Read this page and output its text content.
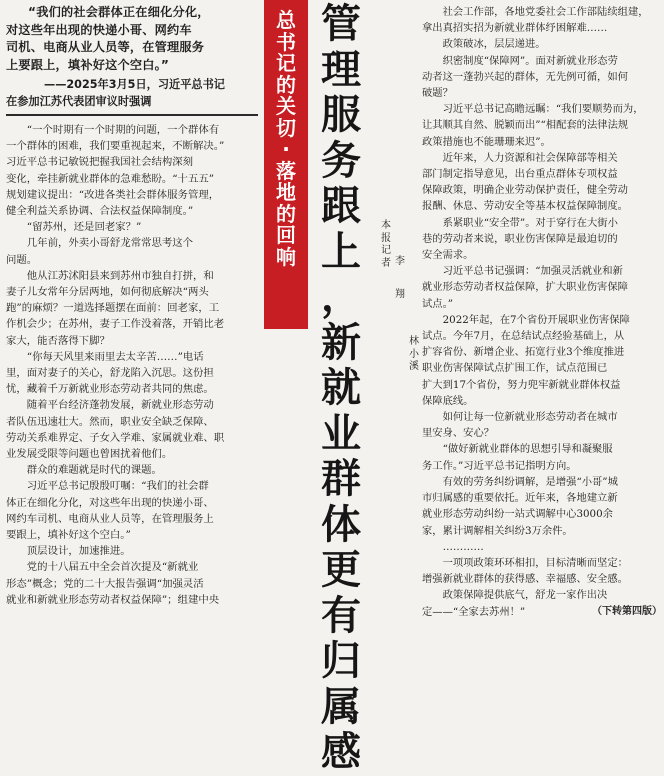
“我们的社会群体正在细化分化，
对这些年出现的快递小哥、网约车
司机、电商从业人员等，在管理服务
上要跟上，填补好这个空白。”
——2025年3月5日，习近平总书记
在参加江苏代表团审议时强调

“一个时期有一个时期的问题，一个群体有
一个群体的困难，我们要重视起来，不断解决。”
习近平总书记敏锐把握我国社会结构深刻
变化，牵挂新就业群体的急难愁盼。“十五五”
规划建议提出：“改进各类社会群体服务管理，
健全利益关系协调、合法权益保障制度。”

“留苏州，还是回老家？”

几年前，外卖小哥舒龙常常思考这个
问题。

他从江苏沭阳县来到苏州市独自打拼，和
妻子儿女常年分居两地，如何彻底解决“两头
跑”的麻烦？一道选择题摆在面前：回老家，工
作机会少；在苏州，妻子工作没着落，开销比老
家大，能否落得下脚？

“你每天风里来雨里去太辛苦……”电话
里，面对妻子的关心，舒龙陷入沉思。这份担
忧，藏着千万新就业形态劳动者共同的焦虑。

随着平台经济蓬勃发展，新就业形态劳动
者队伍迅速壮大。然而，职业安全缺乏保障、
劳动关系难界定、子女入学难、家属就业难、职
业发展受限等问题也曾困扰着他们。

群众的难题就是时代的课题。

习近平总书记殷殷叮嘱：“我们的社会群
体正在细化分化，对这些年出现的快递小哥、
网约车司机、电商从业人员等，在管理服务上
要跟上，填补好这个空白。”

顶层设计，加速推进。

党的十八届五中全会首次提及“新就业
形态”概念；党的二十大报告强调“加强灵活
就业和新就业形态劳动者权益保障”；组建中央

总
书
记
的
关
切
·
落
地
的
回
响
管
理
服
务
跟
上
，
新
就
业
群
体
更
有
归
属
感
本
报
记
者 李
翔
林
小
溪

社会工作部，各地党委社会工作部陆续组建，
拿出真招实招为新就业群体纾困解难……

政策破冰，层层递进。

织密制度“保障网”。面对新就业形态劳
动者这一蓬勃兴起的群体，无先例可循，如何
破题？

习近平总书记高瞻远瞩：“我们要顺势而为，
让其顺其自然、脱颖而出”“相配套的法律法规
政策措施也不能珊珊来迟”。

近年来，人力资源和社会保障部等相关
部门制定指导意见，出台重点群体专项权益
保障政策，明确企业劳动保护责任，健全劳动
报酬、休息、劳动安全等基本权益保障制度。

系紧职业“安全带”。对于穿行在大街小
巷的劳动者来说，职业伤害保障是最迫切的
安全需求。

习近平总书记强调：“加强灵活就业和新
就业形态劳动者权益保障，扩大职业伤害保障
试点。”

2022年起，在7个省份开展职业伤害保障
试点。今年7月，在总结试点经验基础上，从
扩容省份、新增企业、拓宽行业3个维度推进
职业伤害保障试点扩围工作，试点范围已
扩大到17个省份，努力兜牢新就业群体权益
保障底线。

如何让每一位新就业形态劳动者在城市
里安身、安心？

“做好新就业群体的思想引导和凝聚服
务工作。”习近平总书记指明方向。

有效的劳务纠纷调解，是增强“小哥”城
市归属感的重要依托。近年来，各地建立新
就业形态劳动纠纷一站式调解中心3000余
家，累计调解相关纠纷3万余件。

…………

一项项政策环环相扣，目标清晰而坚定：
增强新就业群体的获得感、幸福感、安全感。

政策保障提供底气，舒龙一家作出决
定——“全家去苏州！”	（下转第四版）
